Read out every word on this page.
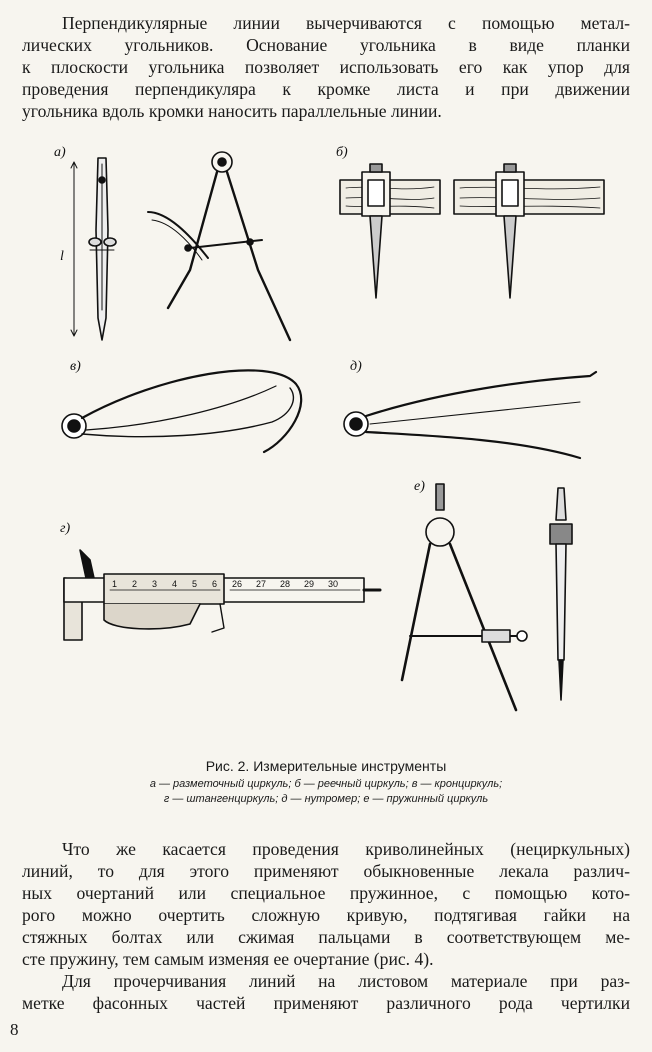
Перпендикулярные линии вычерчиваются с помощью метал-
лических угольников. Основание угольника в виде планки
к плоскости угольника позволяет использовать его как упор для
проведения перпендикуляра к кромке листа и при движении
угольника вдоль кромки наносить параллельные линии.

а)
l
б)
в)	д)
г)
1 2 3 4 5 6 26 27 28 29 30
е)
Рис. 2. Измерительные инструменты
а — разметочный циркуль; б — реечный циркуль; в — кронциркуль;
г — штангенциркуль; д — нутромер; е — пружинный циркуль

Что же касается проведения криволинейных (нециркульных)
линий, то для этого применяют обыкновенные лекала различ-
ных очертаний или специальное пружинное, с помощью кото-
рого можно очертить сложную кривую, подтягивая гайки на
стяжных болтах или сжимая пальцами в соответствующем ме-
сте пружину, тем самым изменяя ее очертание (рис. 4).
Для прочерчивания линий на листовом материале при раз-
метке фасонных частей применяют различного рода чертилки

8
